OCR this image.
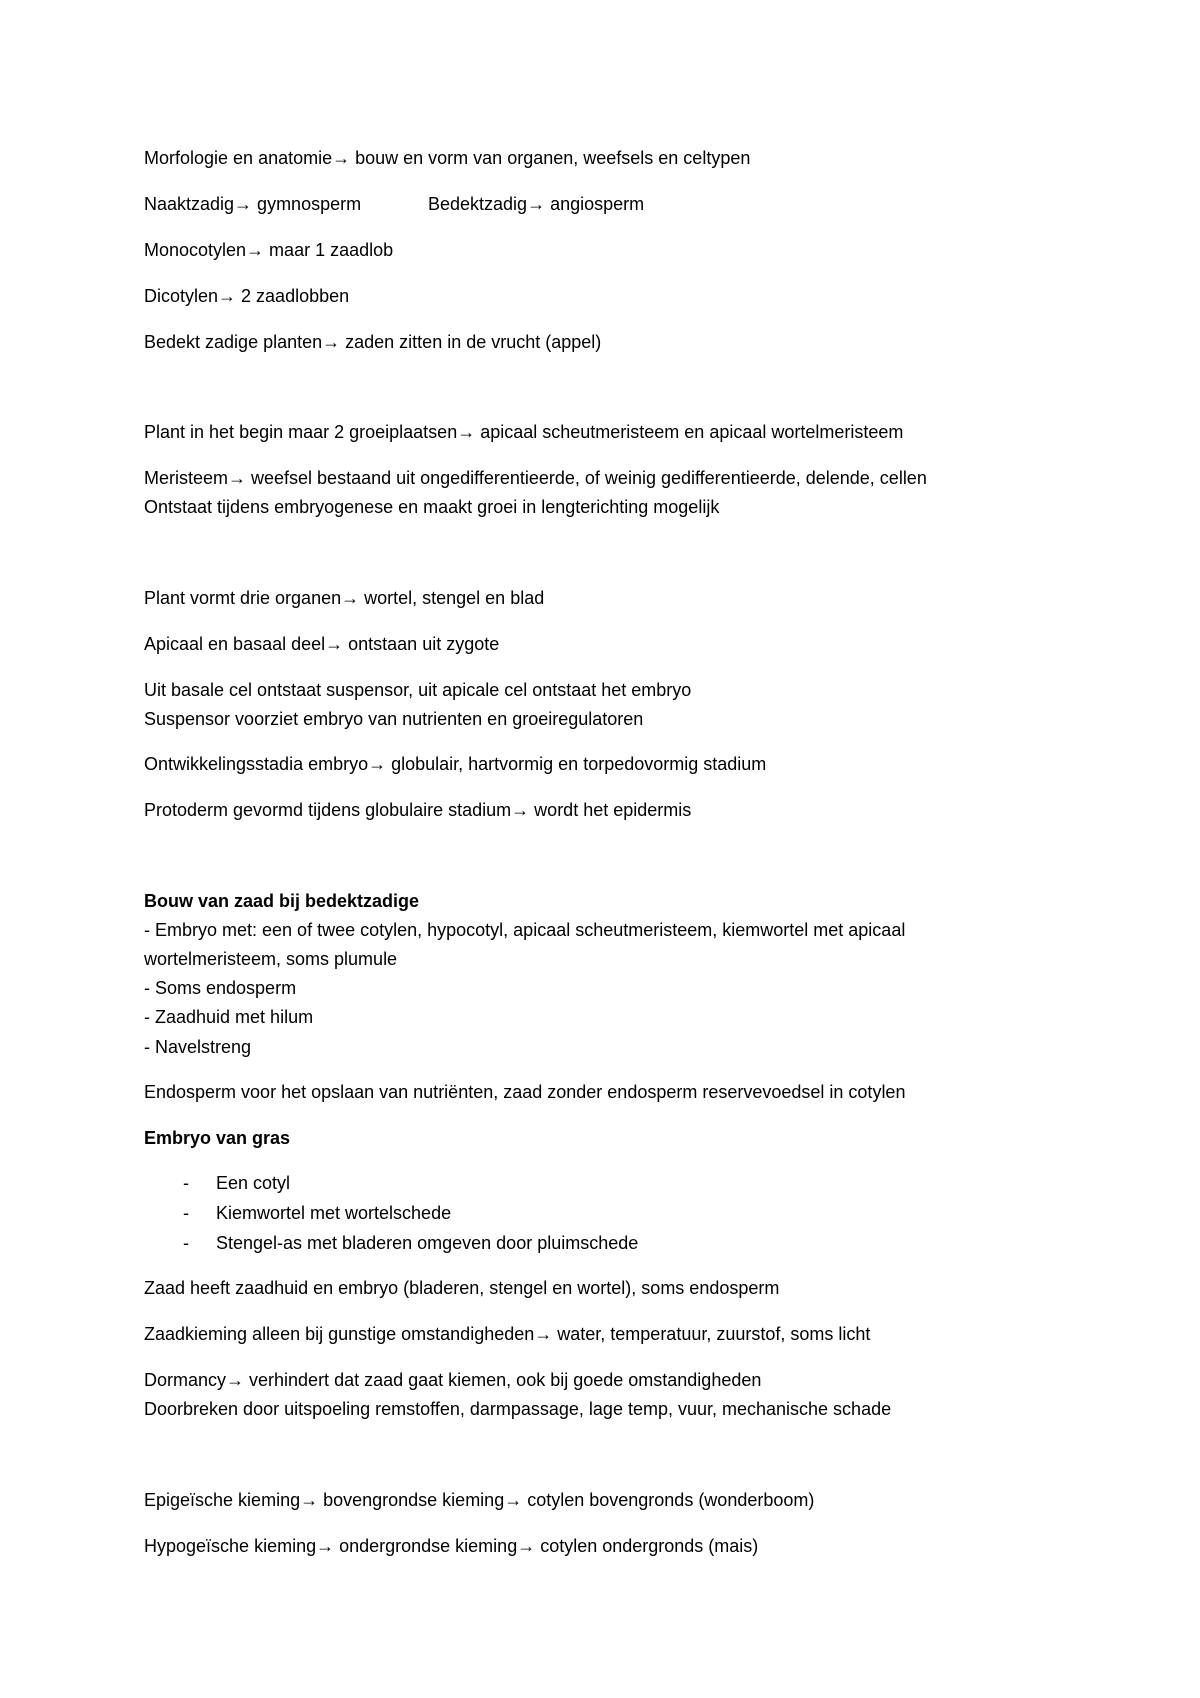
Morfologie en anatomie→ bouw en vorm van organen, weefsels en celtypen
Naaktzadig→ gymnosperm	Bedektzadig→ angiosperm
Monocotylen→ maar 1 zaadlob
Dicotylen→ 2 zaadlobben
Bedekt zadige planten→ zaden zitten in de vrucht (appel)
Plant in het begin maar 2 groeiplaatsen→ apicaal scheutmeristeem en apicaal wortelmeristeem
Meristeem→ weefsel bestaand uit ongedifferentieerde, of weinig gedifferentieerde, delende, cellen
Ontstaat tijdens embryogenese en maakt groei in lengterichting mogelijk
Plant vormt drie organen→ wortel, stengel en blad
Apicaal en basaal deel→ ontstaan uit zygote
Uit basale cel ontstaat suspensor, uit apicale cel ontstaat het embryo
Suspensor voorziet embryo van nutrienten en groeiregulatoren
Ontwikkelingsstadia embryo→ globulair, hartvormig en torpedovormig stadium
Protoderm gevormd tijdens globulaire stadium→ wordt het epidermis
Bouw van zaad bij bedektzadige
- Embryo met: een of twee cotylen, hypocotyl, apicaal scheutmeristeem, kiemwortel met apicaal
wortelmeristeem, soms plumule
- Soms endosperm
- Zaadhuid met hilum
- Navelstreng
Endosperm voor het opslaan van nutriënten, zaad zonder endosperm reservevoedsel in cotylen
Embryo van gras
- Een cotyl
- Kiemwortel met wortelschede
- Stengel-as met bladeren omgeven door pluimschede
Zaad heeft zaadhuid en embryo (bladeren, stengel en wortel), soms endosperm
Zaadkieming alleen bij gunstige omstandigheden→ water, temperatuur, zuurstof, soms licht
Dormancy→ verhindert dat zaad gaat kiemen, ook bij goede omstandigheden
Doorbreken door uitspoeling remstoffen, darmpassage, lage temp, vuur, mechanische schade
Epigeïsche kieming→ bovengrondse kieming→ cotylen bovengronds (wonderboom)
Hypogeïsche kieming→ ondergrondse kieming→ cotylen ondergronds (mais)
